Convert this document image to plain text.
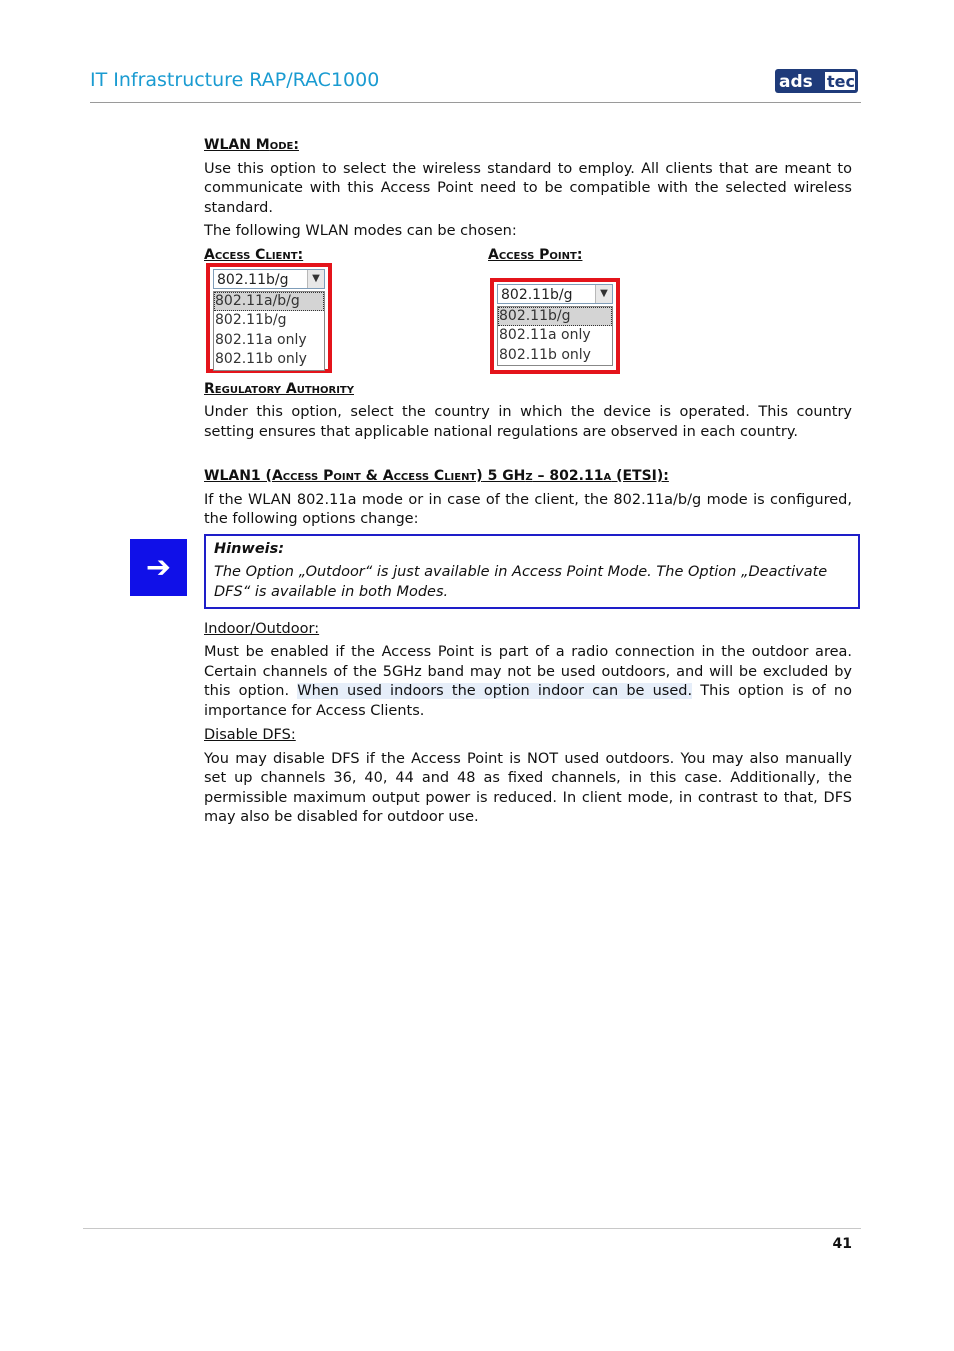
IT Infrastructure RAP/RAC1000	ads tec
WLAN Mode:
Use this option to select the wireless standard to employ. All clients that are meant to communicate with this Access Point need to be compatible with the selected wireless standard.
The following WLAN modes can be chosen:
Access Client:	Access Point:
802.11b/g	▼
802.11a/b/g
802.11b/g
802.11a only
802.11b only
802.11b/g	▼
802.11b/g
802.11a only
802.11b only
Regulatory Authority
Under this option, select the country in which the device is operated. This country setting ensures that applicable national regulations are observed in each country.
WLAN1 (Access Point & Access Client) 5 GHz – 802.11a (ETSI):
If the WLAN 802.11a mode or in case of the client, the 802.11a/b/g mode is configured, the following options change:
➔
Hinweis:
The Option „Outdoor“ is just available in Access Point Mode. The Option „Deactivate DFS“ is available in both Modes.
Indoor/Outdoor:
Must be enabled if the Access Point is part of a radio connection in the outdoor area. Certain channels of the 5GHz band may not be used outdoors, and will be excluded by this option. When used indoors the option indoor can be used. This option is of no importance for Access Clients.
Disable DFS:
You may disable DFS if the Access Point is NOT used outdoors. You may also manually set up channels 36, 40, 44 and 48 as fixed channels, in this case. Additionally, the permissible maximum output power is reduced. In client mode, in contrast to that, DFS may also be disabled for outdoor use.
41
